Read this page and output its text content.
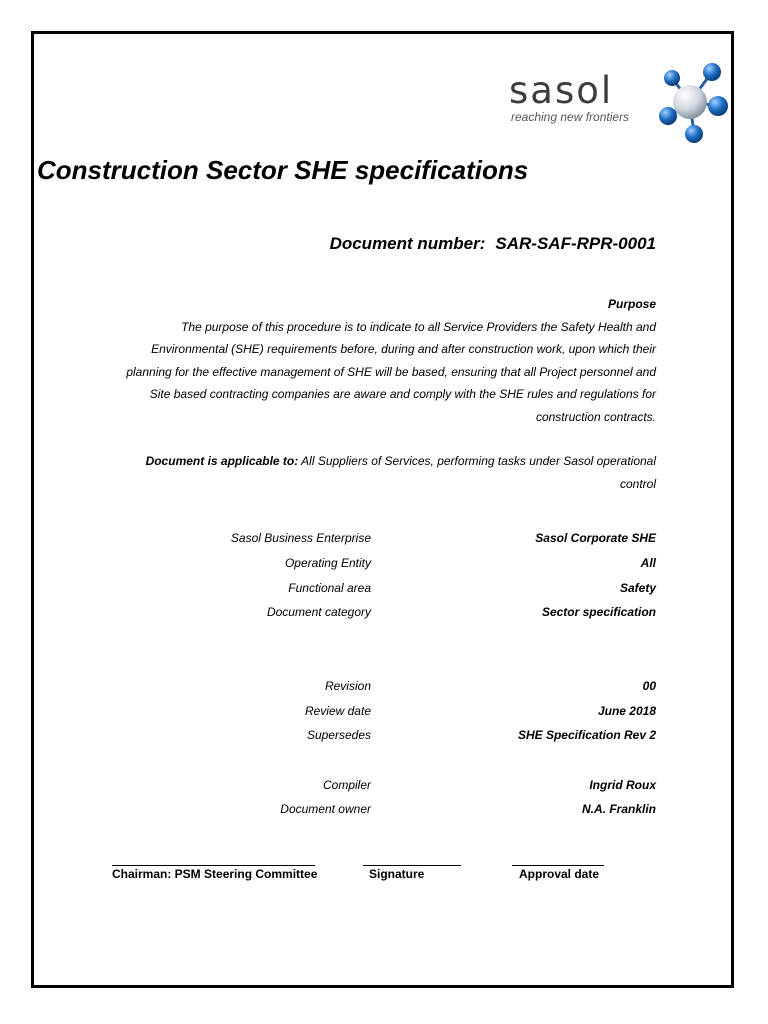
sasol
reaching new frontiers
Construction Sector SHE specifications
Document number: SAR-SAF-RPR-0001
Purpose
The purpose of this procedure is to indicate to all Service Providers the Safety Health and
Environmental (SHE) requirements before, during and after construction work, upon which their
planning for the effective management of SHE will be based, ensuring that all Project personnel and
Site based contracting companies are aware and comply with the SHE rules and regulations for
construction contracts.
Document is applicable to: All Suppliers of Services, performing tasks under Sasol operational
control
Sasol Business Enterprise	Sasol Corporate SHE
Operating Entity	All
Functional area	Safety
Document category	Sector specification
Revision	00
Review date	June 2018
Supersedes	SHE Specification Rev 2
Compiler	Ingrid Roux
Document owner	N.A. Franklin
Chairman: PSM Steering Committee	Signature	Approval date
